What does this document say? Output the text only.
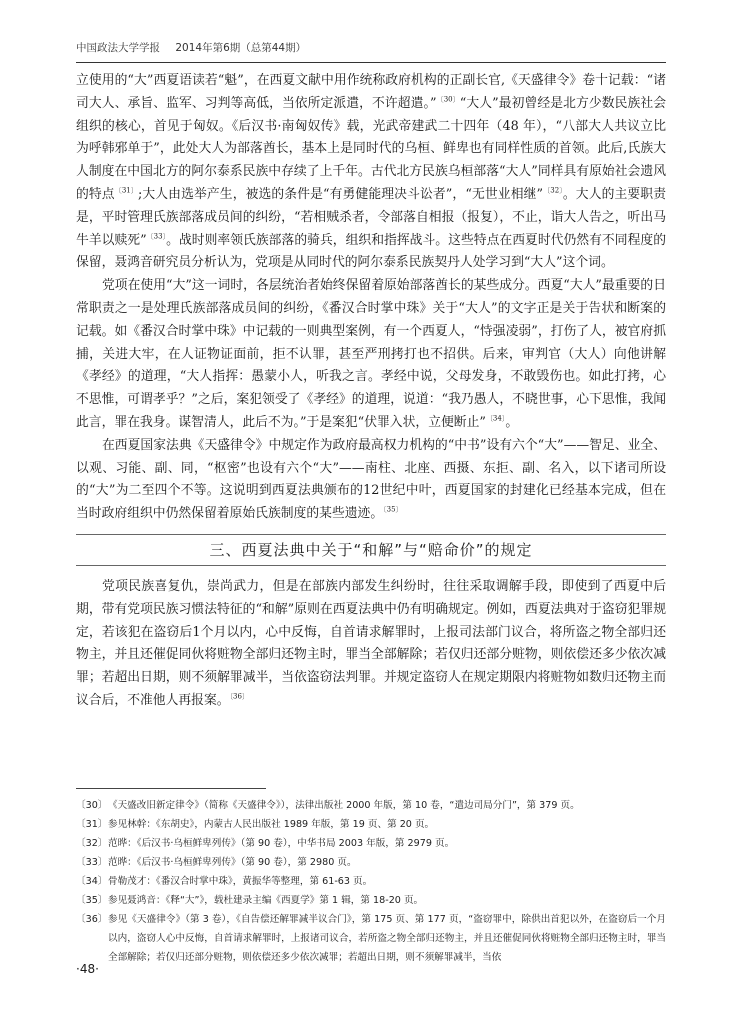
中国政法大学学报 2014年第6期（总第44期）

立使用的“大”西夏语读若“魁”，在西夏文献中用作统称政府机构的正副长官,《天盛律令》卷十记载：“诸司大人、承旨、监军、习判等高低，当依所定派遣，不许超遣。”$^{〔30〕}$“大人”最初曾经是北方少数民族社会组织的核心，首见于匈奴。《后汉书·南匈奴传》载，光武帝建武二十四年（48 年），“八部大人共议立比为呼韩邪单于”，此处大人为部落酋长，基本上是同时代的乌桓、鲜卑也有同样性质的首领。此后,氏族大人制度在中国北方的阿尔泰系民族中存续了上千年。古代北方民族乌桓部落“大人”同样具有原始社会遗风的特点$^{〔31〕}$;大人由选举产生，被选的条件是“有勇健能理决斗讼者”，“无世业相继”$^{〔32〕}$。大人的主要职责是，平时管理氏族部落成员间的纠纷，“若相贼杀者，令部落自相报（报复），不止，诣大人告之，听出马牛羊以赎死”$^{〔33〕}$。战时则率领氏族部落的骑兵，组织和指挥战斗。这些特点在西夏时代仍然有不同程度的保留，聂鸿音研究员分析认为，党项是从同时代的阿尔泰系民族契丹人处学习到“大人”这个词。

党项在使用“大”这一词时，各层统治者始终保留着原始部落酋长的某些成分。西夏“大人”最重要的日常职责之一是处理氏族部落成员间的纠纷，《番汉合时掌中珠》关于“大人”的文字正是关于告状和断案的记载。如《番汉合时掌中珠》中记载的一则典型案例，有一个西夏人，“恃强凌弱”，打伤了人，被官府抓捕，关进大牢，在人证物证面前，拒不认罪，甚至严刑拷打也不招供。后来，审判官（大人）向他讲解《孝经》的道理，“大人指挥：愚蒙小人，听我之言。孝经中说，父母发身，不敢毁伤也。如此打拷，心不思惟，可谓孝乎？”之后，案犯领受了《孝经》的道理，说道：“我乃愚人，不晓世事，心下思惟，我闻此言，罪在我身。谋智清人，此后不为。”于是案犯“伏罪入状，立便断止”$^{〔34〕}$。

在西夏国家法典《天盛律令》中规定作为政府最高权力机构的“中书”设有六个“大”——智足、业全、以观、习能、副、同，“枢密”也设有六个“大”——南柱、北座、西摄、东拒、副、名入，以下诸司所设的“大”为二至四个不等。这说明到西夏法典颁布的12世纪中叶，西夏国家的封建化已经基本完成，但在当时政府组织中仍然保留着原始氏族制度的某些遗迹。$^{〔35〕}$

三、西夏法典中关于“和解”与“赔命价”的规定

党项民族喜复仇，崇尚武力，但是在部族内部发生纠纷时，往往采取调解手段，即使到了西夏中后期，带有党项民族习惯法特征的“和解”原则在西夏法典中仍有明确规定。例如，西夏法典对于盗窃犯罪规定，若该犯在盗窃后1个月以内，心中反悔，自首请求解罪时，上报司法部门议合，将所盗之物全部归还物主，并且还催促同伙将赃物全部归还物主时，罪当全部解除；若仅归还部分赃物，则依偿还多少依次减罪；若超出日期，则不须解罪减半，当依盗窃法判罪。并规定盗窃人在规定期限内将赃物如数归还物主而议合后，不准他人再报案。$^{〔36〕}$

〔30〕 《天盛改旧新定律令》（简称《天盛律令》），法律出版社 2000 年版，第 10 卷，“遣边司局分门”，第 379 页。
〔31〕 参见林幹：《东胡史》，内蒙古人民出版社 1989 年版，第 19 页、第 20 页。
〔32〕 范晔：《后汉书·乌桓鲜卑列传》（第 90 卷），中华书局 2003 年版，第 2979 页。
〔33〕 范晔：《后汉书·乌桓鲜卑列传》（第 90 卷），第 2980 页。
〔34〕 骨勒茂才：《番汉合时掌中珠》，黄振华等整理，第 61-63 页。
〔35〕 参见聂鸿音：《释“大”》，载杜建录主编《西夏学》第 1 辑，第 18-20 页。
〔36〕 参见《天盛律令》（第 3 卷），《自告偿还解罪减半议合门》，第 175 页、第 177 页，“盗窃罪中，除供出首犯以外，在盗窃后一个月以内，盗窃人心中反悔，自首请求解罪时，上报诸司议合，若所盗之物全部归还物主，并且还催促同伙将赃物全部归还物主时，罪当全部解除；若仅归还部分赃物，则依偿还多少依次减罪；若超出日期，则不须解罪减半，当依
·48·
